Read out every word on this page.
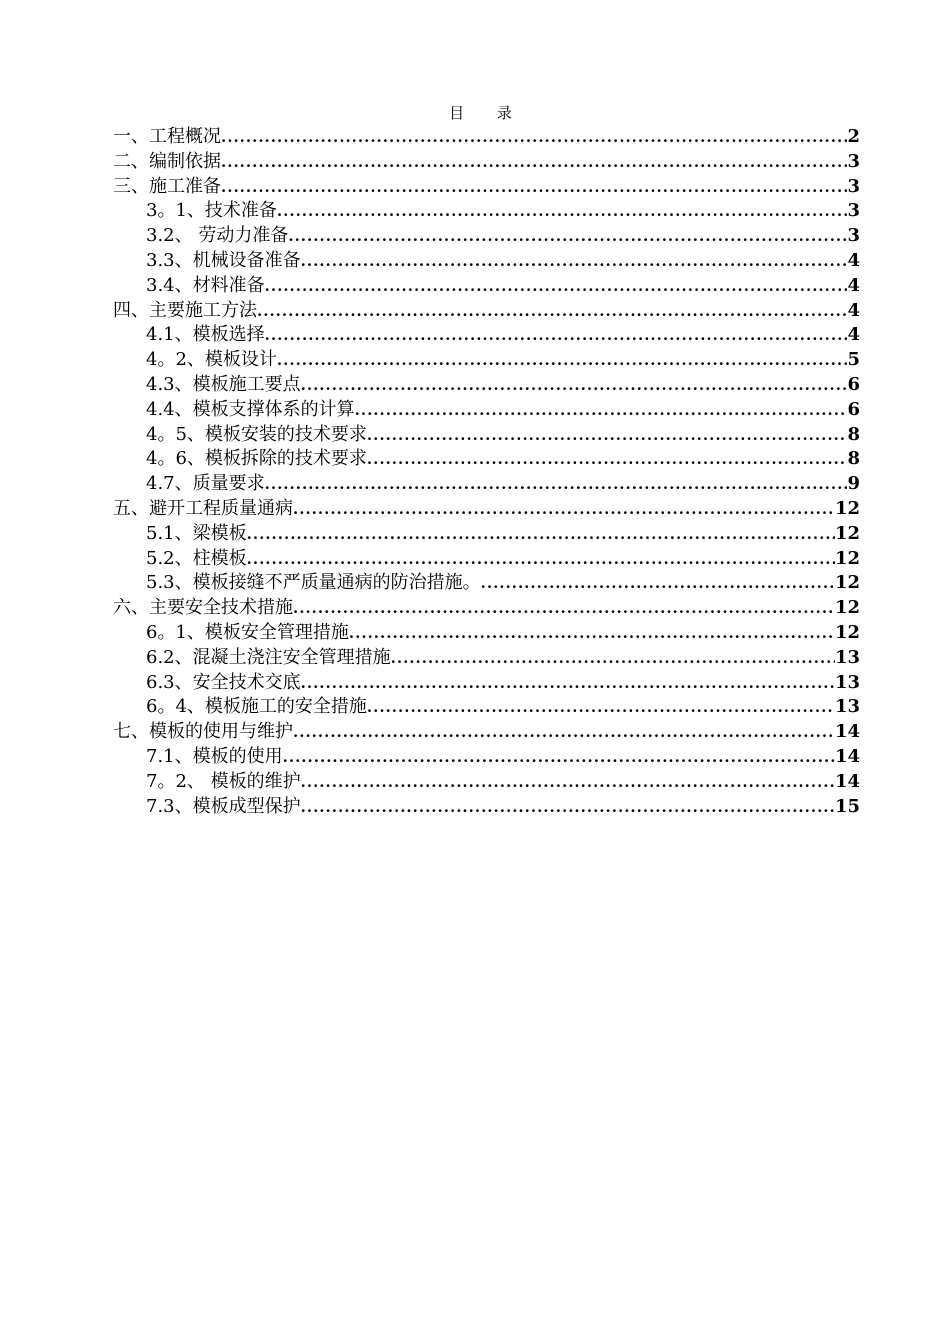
目 录
一、工程概况 .....	2
二、编制依据 .....	3
三、施工准备 .....	3
3。1、技术准备 .....	3
3.2、 劳动力准备 .....	3
3.3、机械设备准备 .....	4
3.4、材料准备 .....	4
四、主要施工方法 .....	4
4.1、模板选择 .....	4
4。2、模板设计 .....	5
4.3、模板施工要点 .....	6
4.4、模板支撑体系的计算 .....	6
4。5、模板安装的技术要求 .....	8
4。6、模板拆除的技术要求 .....	8
4.7、质量要求 .....	9
五、避开工程质量通病 .....	12
5.1、梁模板 .....	12
5.2、柱模板 .....	12
5.3、模板接缝不严质量通病的防治措施。 .....	12
六、主要安全技术措施 .....	12
6。1、模板安全管理措施 .....	12
6.2、混凝土浇注安全管理措施 .....	13
6.3、安全技术交底 .....	13
6。4、模板施工的安全措施 .....	13
七、模板的使用与维护 .....	14
7.1、模板的使用 .....	14
7。2、 模板的维护 .....	14
7.3、模板成型保护 .....	15
